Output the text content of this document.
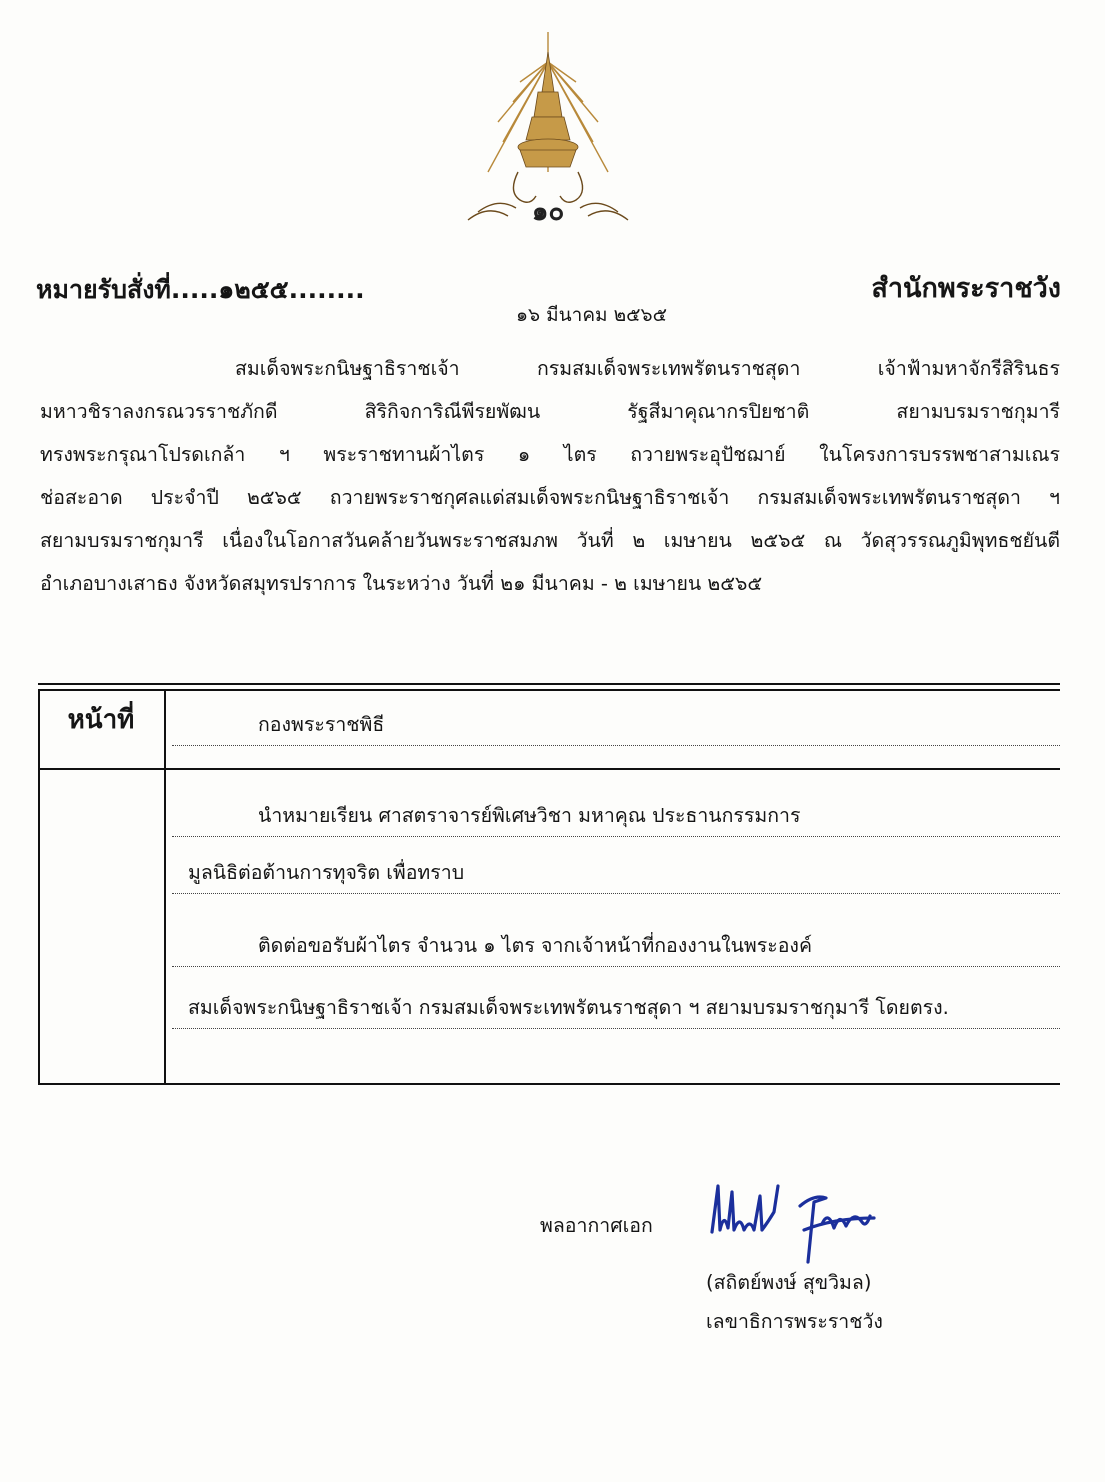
๑๐
หมายรับสั่งที่.....๑๒๕๕........	สำนักพระราชวัง
๑๖ มีนาคม ๒๕๖๕
สมเด็จพระกนิษฐาธิราชเจ้า กรมสมเด็จพระเทพรัตนราชสุดา เจ้าฟ้ามหาจักรีสิรินธร
มหาวชิราลงกรณวรราชภักดี สิริกิจการิณีพีรยพัฒน รัฐสีมาคุณากรปิยชาติ สยามบรมราชกุมารี
ทรงพระกรุณาโปรดเกล้า ฯ พระราชทานผ้าไตร ๑ ไตร ถวายพระอุปัชฌาย์ ในโครงการบรรพชาสามเณร
ช่อสะอาด ประจำปี ๒๕๖๕ ถวายพระราชกุศลแด่สมเด็จพระกนิษฐาธิราชเจ้า กรมสมเด็จพระเทพรัตนราชสุดา ฯ
สยามบรมราชกุมารี เนื่องในโอกาสวันคล้ายวันพระราชสมภพ วันที่ ๒ เมษายน ๒๕๖๕ ณ วัดสุวรรณภูมิพุทธชยันตี
อำเภอบางเสาธง จังหวัดสมุทรปราการ ในระหว่าง วันที่ ๒๑ มีนาคม - ๒ เมษายน ๒๕๖๕
หน้าที่	กองพระราชพิธี
นำหมายเรียน ศาสตราจารย์พิเศษวิชา มหาคุณ ประธานกรรมการ
มูลนิธิต่อต้านการทุจริต เพื่อทราบ
ติดต่อขอรับผ้าไตร จำนวน ๑ ไตร จากเจ้าหน้าที่กองงานในพระองค์
สมเด็จพระกนิษฐาธิราชเจ้า กรมสมเด็จพระเทพรัตนราชสุดา ฯ สยามบรมราชกุมารี โดยตรง.
พลอากาศเอก
(สถิตย์พงษ์ สุขวิมล)
เลขาธิการพระราชวัง
